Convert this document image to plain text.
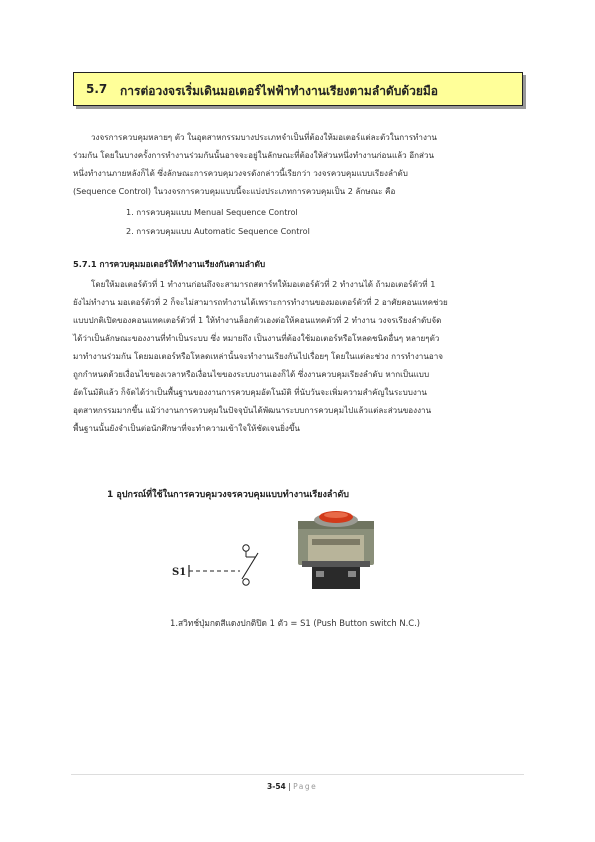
5.7 การต่อวงจรเริ่มเดินมอเตอร์ไฟฟ้าทำงานเรียงตามลำดับด้วยมือ
วงจรการควบคุมหลายๆ ตัว ในอุตสาหกรรมบางประเภทจำเป็นที่ต้องให้มอเตอร์แต่ละตัวในการทำงาน
ร่วมกัน โดยในบางครั้งการทำงานร่วมกันนั้นอาจจะอยู่ในลักษณะที่ต้องให้ส่วนหนึ่งทำงานก่อนแล้ว อีกส่วน
หนึ่งทำงานภายหลังก็ได้ ซึ่งลักษณะการควบคุมวงจรดังกล่าวนี้เรียกว่า วงจรควบคุมแบบเรียงลำดับ
(Sequence Control) ในวงจรการควบคุมแบบนี้จะแบ่งประเภทการควบคุมเป็น 2 ลักษณะ คือ
1. การควบคุมแบบ Menual Sequence Control
2. การควบคุมแบบ Automatic Sequence Control
5.7.1 การควบคุมมอเตอร์ให้ทำงานเรียงกันตามลำดับ
โดยให้มอเตอร์ตัวที่ 1 ทำงานก่อนถึงจะสามารถสตาร์ทให้มอเตอร์ตัวที่ 2 ทำงานได้ ถ้ามอเตอร์ตัวที่ 1
ยังไม่ทำงาน มอเตอร์ตัวที่ 2 ก็จะไม่สามารถทำงานได้เพราะการทำงานของมอเตอร์ตัวที่ 2 อาศัยคอนแทคช่วย
แบบปกติเปิดของคอนแทคเตอร์ตัวที่ 1 ให้ทำงานล็อกตัวเองต่อให้คอนแทคตัวที่ 2 ทำงาน วงจรเรียงลำดับจัด
ได้ว่าเป็นลักษณะของงานที่ทำเป็นระบบ ซึ่ง หมายถึง เป็นงานที่ต้องใช้มอเตอร์หรือโหลดชนิดอื่นๆ หลายๆตัว
มาทำงานร่วมกัน โดยมอเตอร์หรือโหลดเหล่านั้นจะทำงานเรียงกันไปเรื่อยๆ โดยในแต่ละช่วง การทำงานอาจ
ถูกกำหนดด้วยเงื่อนไขของเวลาหรือเงื่อนไขของระบบงานเองก็ได้ ซึ่งงานควบคุมเรียงลำดับ หากเป็นแบบ
อัตโนมัติแล้ว ก็จัดได้ว่าเป็นพื้นฐานของงานการควบคุมอัตโนมัติ ที่นับวันจะเพิ่มความสำคัญในระบบงาน
อุตสาหกรรมมากขึ้น แม้ว่างานการควบคุมในปัจจุบันได้พัฒนาระบบการควบคุมไปแล้วแต่ละส่วนของงาน
พื้นฐานนั้นยังจำเป็นต่อนักศึกษาที่จะทำความเข้าใจให้ชัดเจนยิ่งขึ้น
1 อุปกรณ์ที่ใช้ในการควบคุมวงจรควบคุมแบบทำงานเรียงลำดับ
S1
1.สวิทช์ปุ่มกดสีแดงปกติปิด 1 ตัว = S1 (Push Button switch N.C.)
3-54 | Page
